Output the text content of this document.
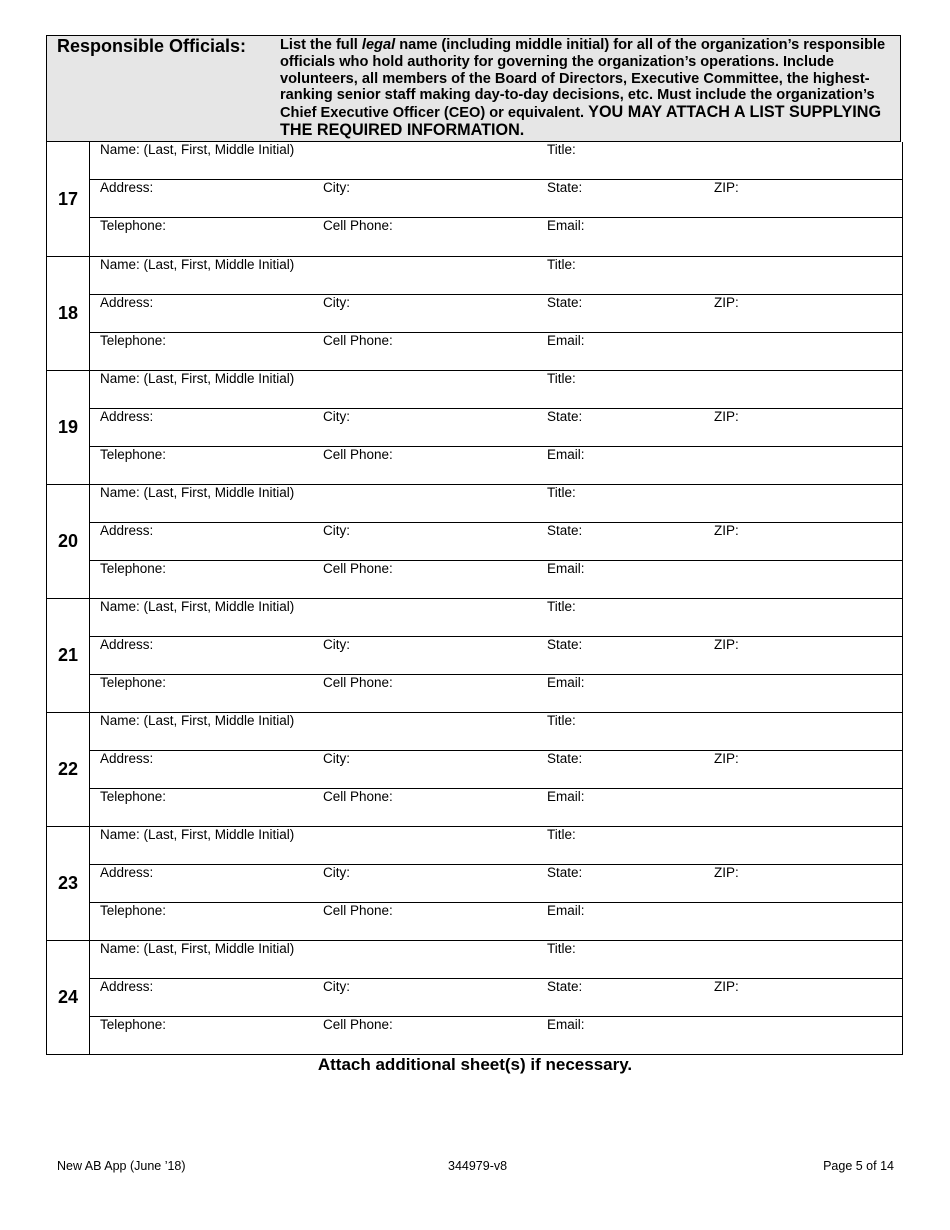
Responsible Officials: List the full legal name (including middle initial) for all of the organization’s responsible officials who hold authority for governing the organization’s operations. Include volunteers, all members of the Board of Directors, Executive Committee, the highest-ranking senior staff making day-to-day decisions, etc. Must include the organization’s Chief Executive Officer (CEO) or equivalent. YOU MAY ATTACH A LIST SUPPLYING THE REQUIRED INFORMATION.
17
Name: (Last, First, Middle Initial)	Title:
Address:	City:	State:	ZIP:
Telephone:	Cell Phone:	Email:
18
Name: (Last, First, Middle Initial)	Title:
Address:	City:	State:	ZIP:
Telephone:	Cell Phone:	Email:
19
Name: (Last, First, Middle Initial)	Title:
Address:	City:	State:	ZIP:
Telephone:	Cell Phone:	Email:
20
Name: (Last, First, Middle Initial)	Title:
Address:	City:	State:	ZIP:
Telephone:	Cell Phone:	Email:
21
Name: (Last, First, Middle Initial)	Title:
Address:	City:	State:	ZIP:
Telephone:	Cell Phone:	Email:
22
Name: (Last, First, Middle Initial)	Title:
Address:	City:	State:	ZIP:
Telephone:	Cell Phone:	Email:
23
Name: (Last, First, Middle Initial)	Title:
Address:	City:	State:	ZIP:
Telephone:	Cell Phone:	Email:
24
Name: (Last, First, Middle Initial)	Title:
Address:	City:	State:	ZIP:
Telephone:	Cell Phone:	Email:
Attach additional sheet(s) if necessary.
New AB App (June ’18)	344979-v8	Page 5 of 14
